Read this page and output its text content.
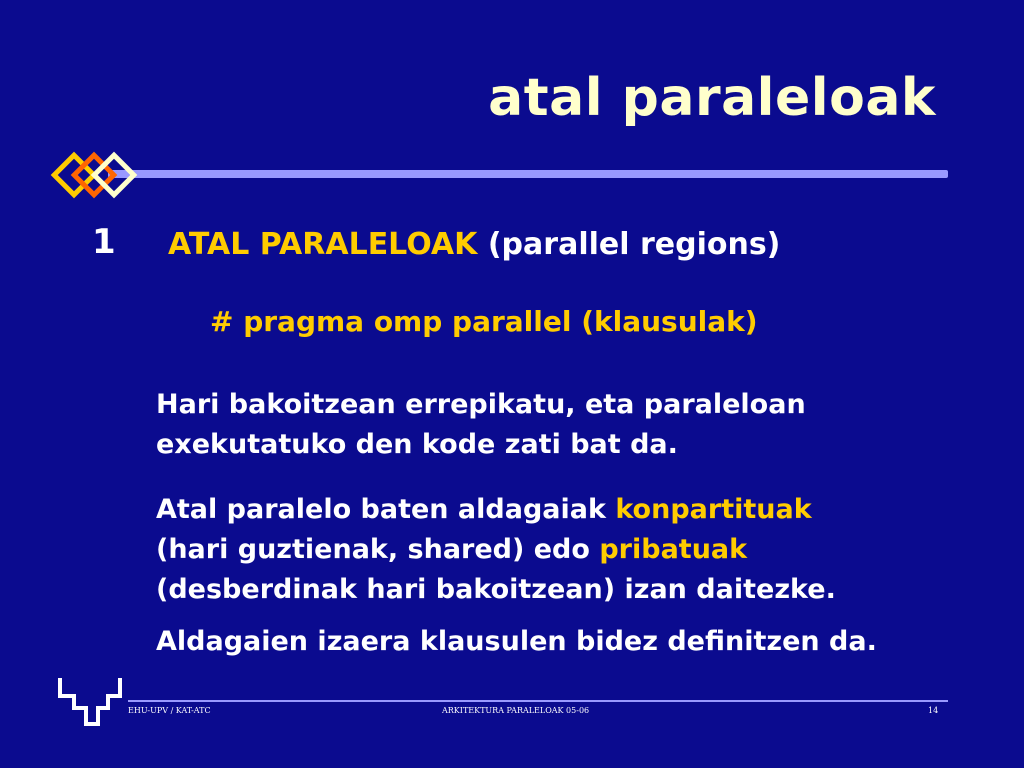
atal paraleloak
1 ATAL PARALELOAK (parallel regions)
# pragma omp parallel (klausulak)
Hari bakoitzean errepikatu, eta paraleloan
exekutatuko den kode zati bat da.
Atal paralelo baten aldagaiak konpartituak
(hari guztienak, shared) edo pribatuak
(desberdinak hari bakoitzean) izan daitezke.
Aldagaien izaera klausulen bidez definitzen da.
EHU-UPV / KAT-ATC	ARKITEKTURA PARALELOAK 05-06	14
